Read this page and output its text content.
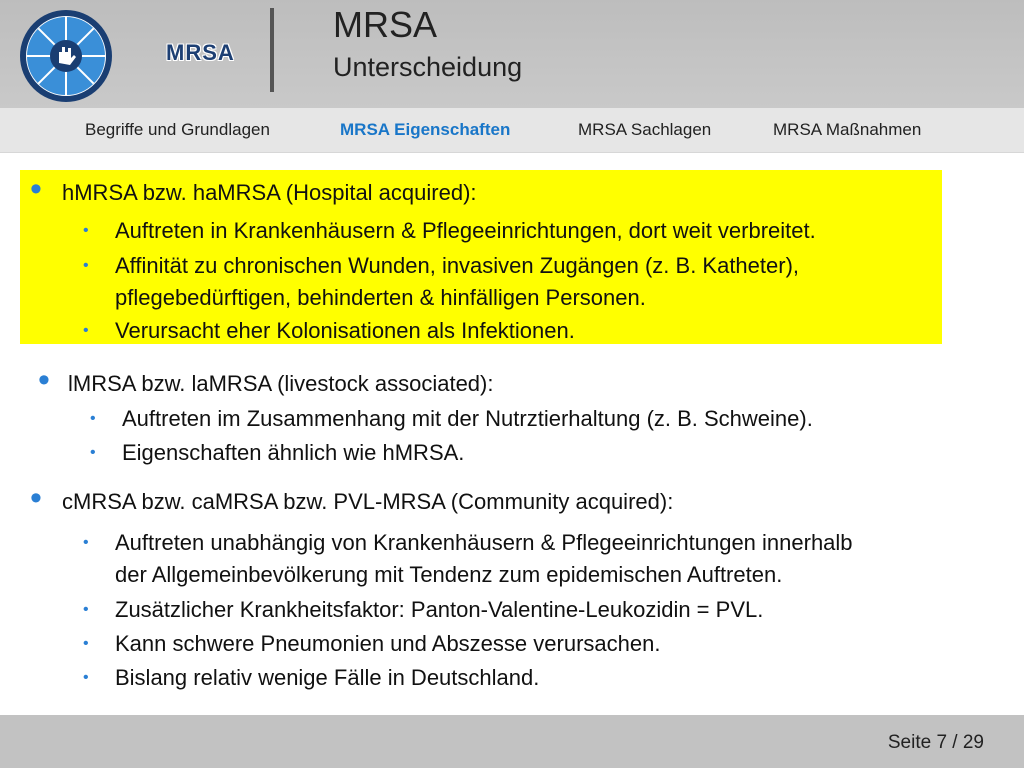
MRSA
MRSA
Unterscheidung
Begriffe und Grundlagen	MRSA Eigenschaften	MRSA Sachlagen	MRSA Maßnahmen
• hMRSA bzw. haMRSA (Hospital acquired):
• Auftreten in Krankenhäusern & Pflegeeinrichtungen, dort weit verbreitet.
• Affinität zu chronischen Wunden, invasiven Zugängen (z. B. Katheter),
pflegebedürftigen, behinderten & hinfälligen Personen.
• Verursacht eher Kolonisationen als Infektionen.
• lMRSA bzw. laMRSA (livestock associated):
• Auftreten im Zusammenhang mit der Nutrztierhaltung (z. B. Schweine).
• Eigenschaften ähnlich wie hMRSA.
• cMRSA bzw. caMRSA bzw. PVL-MRSA (Community acquired):
• Auftreten unabhängig von Krankenhäusern & Pflegeeinrichtungen innerhalb
der Allgemeinbevölkerung mit Tendenz zum epidemischen Auftreten.
• Zusätzlicher Krankheitsfaktor: Panton-Valentine-Leukozidin = PVL.
• Kann schwere Pneumonien und Abszesse verursachen.
• Bislang relativ wenige Fälle in Deutschland.
Seite 7 / 29
